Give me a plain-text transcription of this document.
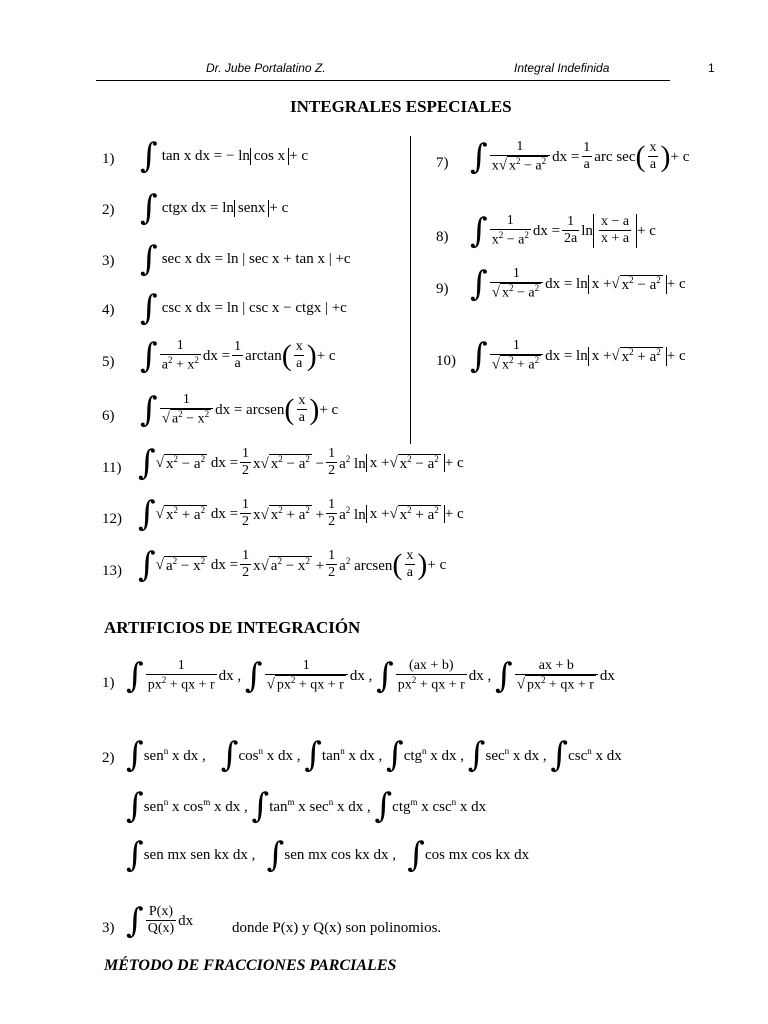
Dr. Jube Portalatino Z.	Integral Indefinida	1
INTEGRALES ESPECIALES
1) ∫ tan x dx = − ln cos x + c
2) ∫ ctgx dx = ln senx + c
3) ∫ sec x dx = ln | sec x + tan x | +c
4) ∫ csc x dx = ln | csc x − ctgx | +c
5) ∫ $\frac{1}{a^2 + x^2}$ dx = $\frac{1}{a}$ arctan ( $\frac{x}{a}$ ) + c
6) ∫ $\frac{1}{√ a^2 - x^2}$ dx = arcsen ( $\frac{x}{a}$ ) + c
7) ∫ $\frac{1}{x√ x^2 - a^2}$ dx = $\frac{1}{a}$ arc sec ( $\frac{x}{a}$ ) + c
8) ∫ $\frac{1}{x^2 - a^2}$ dx = $\frac{1}{2a}$ $\ln \frac{x - a}{x + a} + c$
9) ∫ $\frac{1}{√ x^2 - a^2}$ dx = ln x + √ $x^2 - a^2 + c$
10) ∫ $\frac{1}{√ x^2 + a^2}$ dx = ln x + √ $x^2 + a^2 + c$
11) ∫ √ $x^2 - a^2$ dx = $\frac{1}{2} x√$ $x^2 - a^2 - \frac{1}{2} a^2$ ln x + √ $x^2 - a^2 + c$
12) ∫ √ $x^2 + a^2$ dx = $\frac{1}{2} x√$ $x^2 + a^2 + \frac{1}{2} a^2$ ln x + √ $x^2 + a^2 + c$
13) ∫ √ $a^2 - x^2$ dx = $\frac{1}{2} x√$ $a^2 - x^2 + \frac{1}{2} a^2$ arcsen ( $\frac{x}{a}$ ) + c
ARTIFICIOS DE INTEGRACIÓN
1) ∫ $\frac{1}{px^2 + qx + r}$ dx , ∫ $\frac{1}{√ px^2 + qx + r}$ dx , ∫ $\frac{(ax + b)}{px^2 + qx + r}$ dx , ∫ $\frac{ax + b}{√ px^2 + qx + r}$ dx
2) ∫ sen$^n$ x dx , ∫ $\cos^n x$ dx , ∫ $\tan^n x$ dx , ∫ ctg$^n$ x dx , ∫ $\sec^n x$ dx , ∫ $\csc^n x$ dx
∫ sen$^n$ x $\cos^m x$ dx , ∫ $\tan^m x$ $\sec^n x$ dx , ∫ ctg$^m$ x $\csc^n x$ dx
∫ sen mx sen kx dx , ∫ sen mx cos kx dx , ∫ cos mx cos kx dx
3) ∫ $\frac{P(x)}{Q(x)}$ dx	donde P(x) y Q(x) son polinomios.
MÉTODO DE FRACCIONES PARCIALES
